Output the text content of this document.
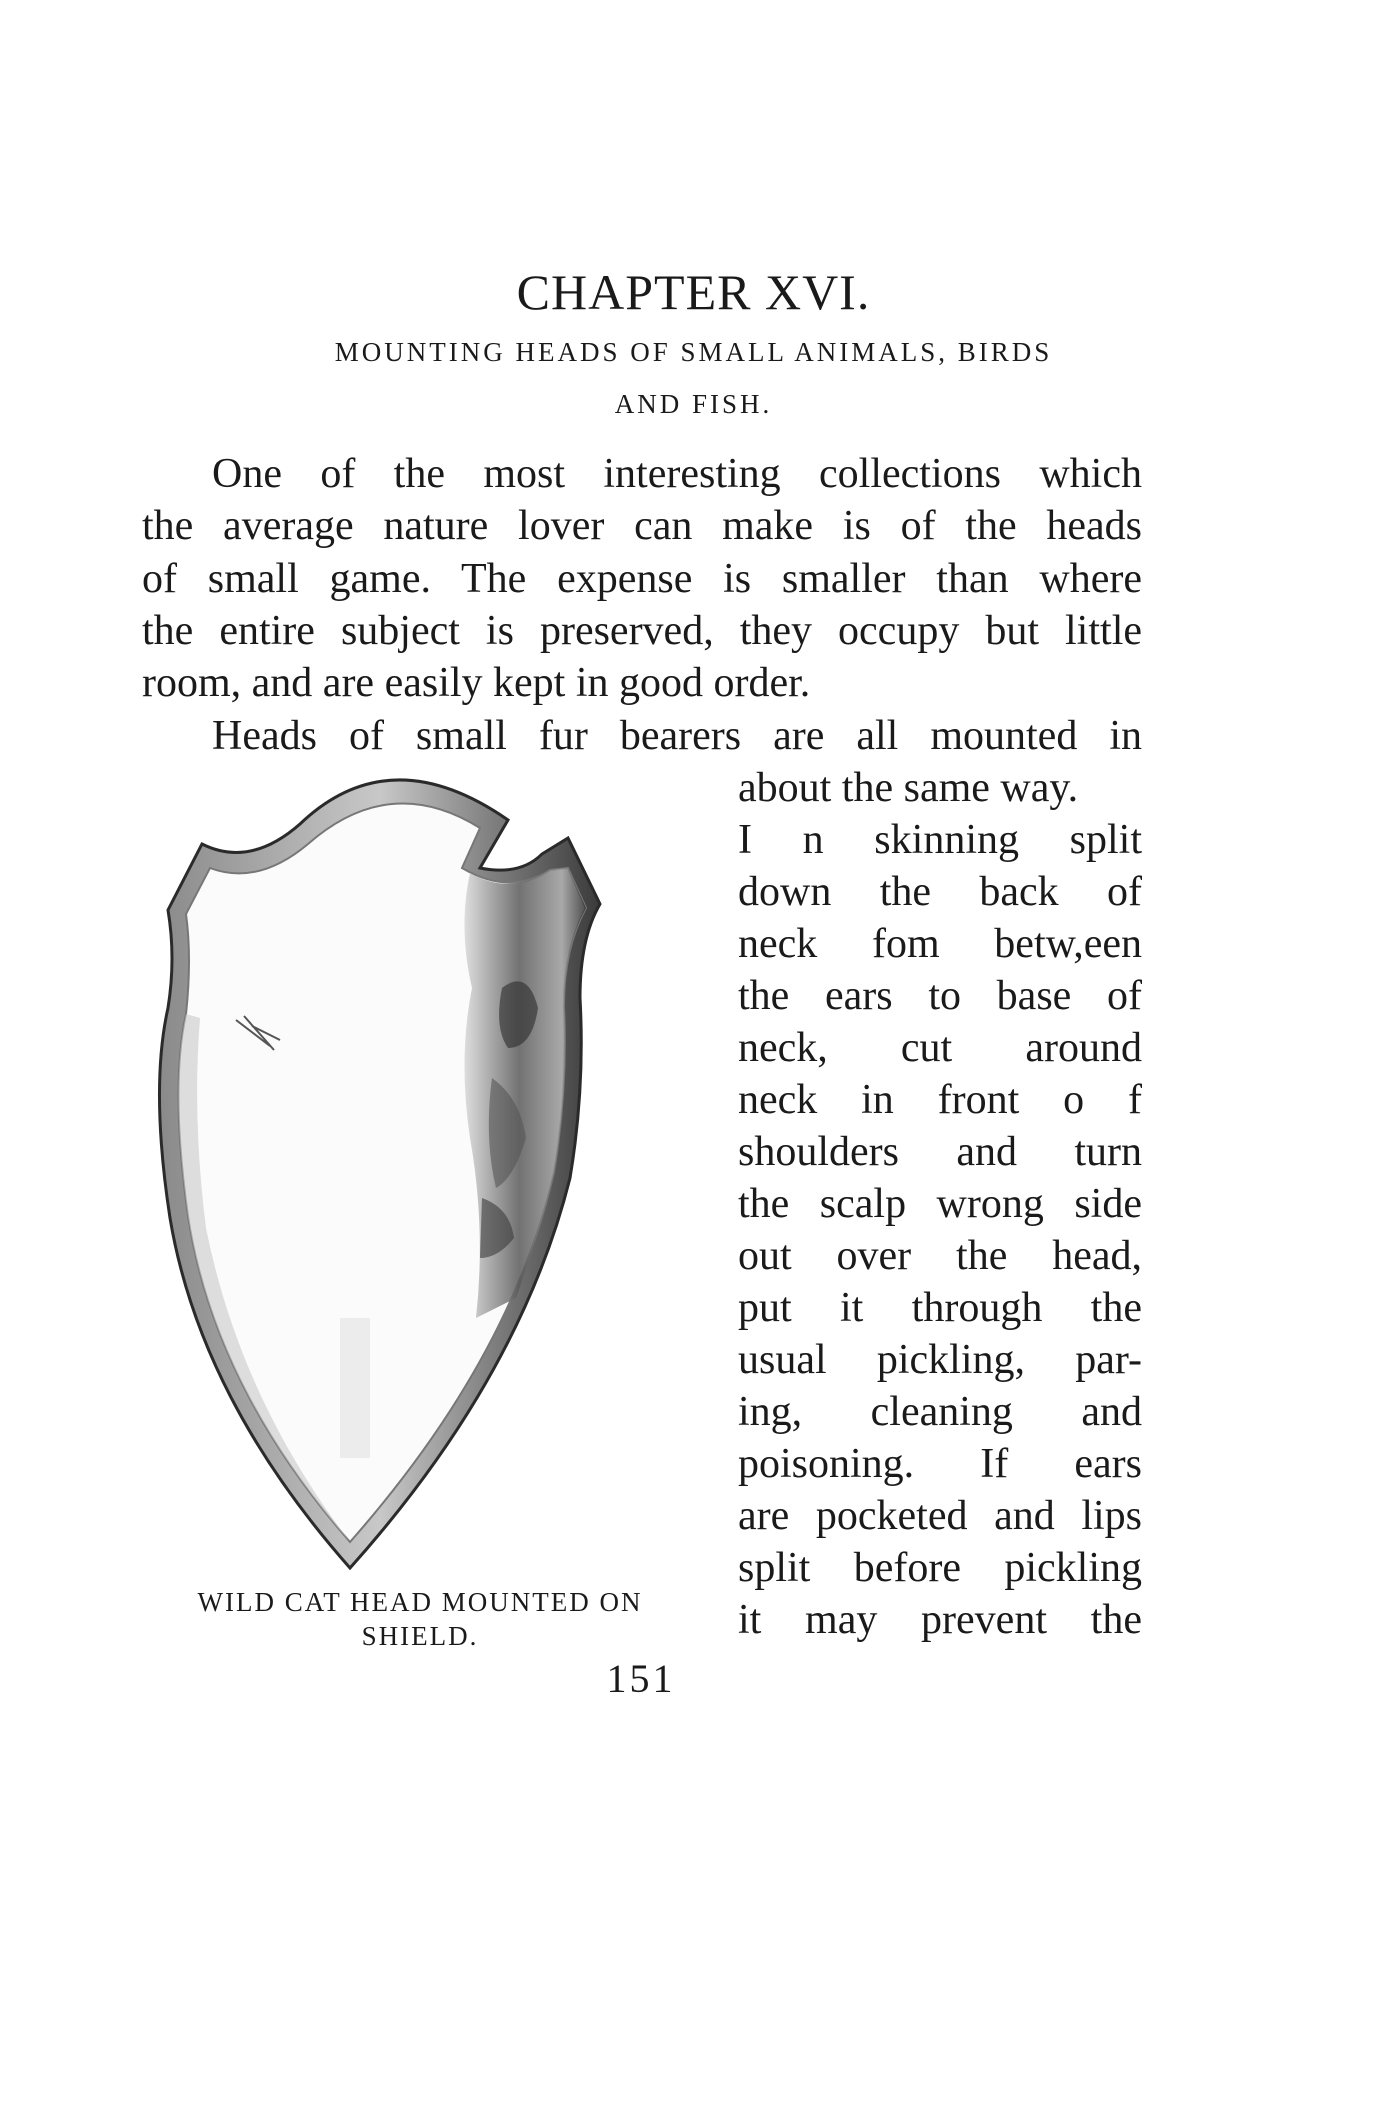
CHAPTER XVI.
MOUNTING HEADS OF SMALL ANIMALS, BIRDS
AND FISH.
One of the most interesting collections which
the average nature lover can make is of the heads
of small game. The expense is smaller than where
the entire subject is preserved, they occupy but little
room, and are easily kept in good order.
Heads of small fur bearers are all mounted in
about the same way.
I n skinning split
down the back of
neck fom betw,een
the ears to base of
neck, cut around
neck in front o f
shoulders and turn
the scalp wrong side
out over the head,
put it through the
usual pickling, par-
ing, cleaning and
poisoning. If ears
are pocketed and lips
split before pickling
it may prevent the
WILD CAT HEAD MOUNTED ON
SHIELD.
151
